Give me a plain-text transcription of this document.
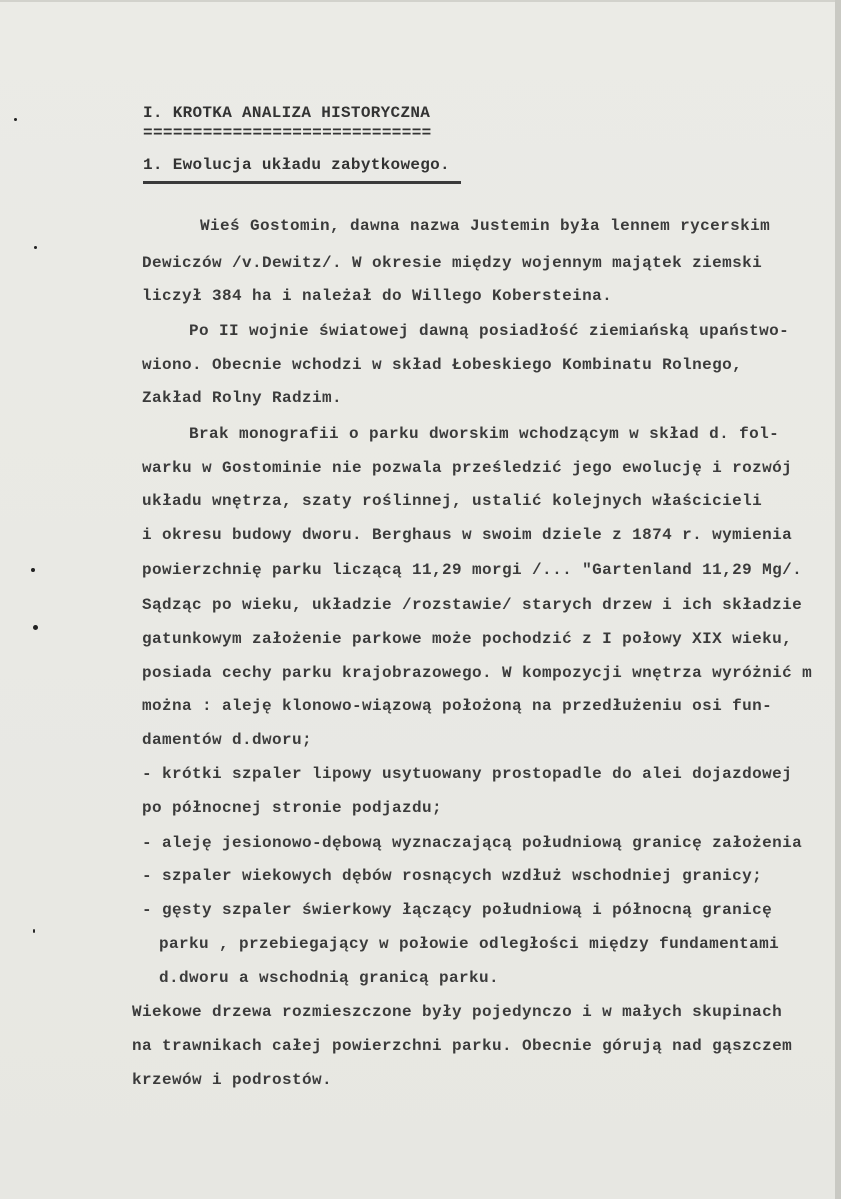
I. KROTKA ANALIZA HISTORYCZNA
=============================
1. Ewolucja układu zabytkowego.
Wieś Gostomin, dawna nazwa Justemin była lennem rycerskim
Dewiczów /v.Dewitz/. W okresie między wojennym majątek ziemski
liczył 384 ha i należał do Willego Kobersteina.
Po II wojnie światowej dawną posiadłość ziemiańską upaństwo-
wiono. Obecnie wchodzi w skład Łobeskiego Kombinatu Rolnego,
Zakład Rolny Radzim.
Brak monografii o parku dworskim wchodzącym w skład d. fol-
warku w Gostominie nie pozwala prześledzić jego ewolucję i rozwój
układu wnętrza, szaty roślinnej, ustalić kolejnych właścicieli
i okresu budowy dworu. Berghaus w swoim dziele z 1874 r. wymienia
powierzchnię parku liczącą 11,29 morgi /... "Gartenland 11,29 Mg/.
Sądząc po wieku, układzie /rozstawie/ starych drzew i ich składzie
gatunkowym założenie parkowe może pochodzić z I połowy XIX wieku,
posiada cechy parku krajobrazowego. W kompozycji wnętrza wyróżnić m
można : aleję klonowo-wiązową położoną na przedłużeniu osi fun-
damentów d.dworu;
- krótki szpaler lipowy usytuowany prostopadle do alei dojazdowej
po północnej stronie podjazdu;
- aleję jesionowo-dębową wyznaczającą południową granicę założenia
- szpaler wiekowych dębów rosnących wzdłuż wschodniej granicy;
- gęsty szpaler świerkowy łączący południową i północną granicę
parku , przebiegający w połowie odległości między fundamentami
d.dworu a wschodnią granicą parku.
Wiekowe drzewa rozmieszczone były pojedynczo i w małych skupinach
na trawnikach całej powierzchni parku. Obecnie górują nad gąszczem
krzewów i podrostów.
